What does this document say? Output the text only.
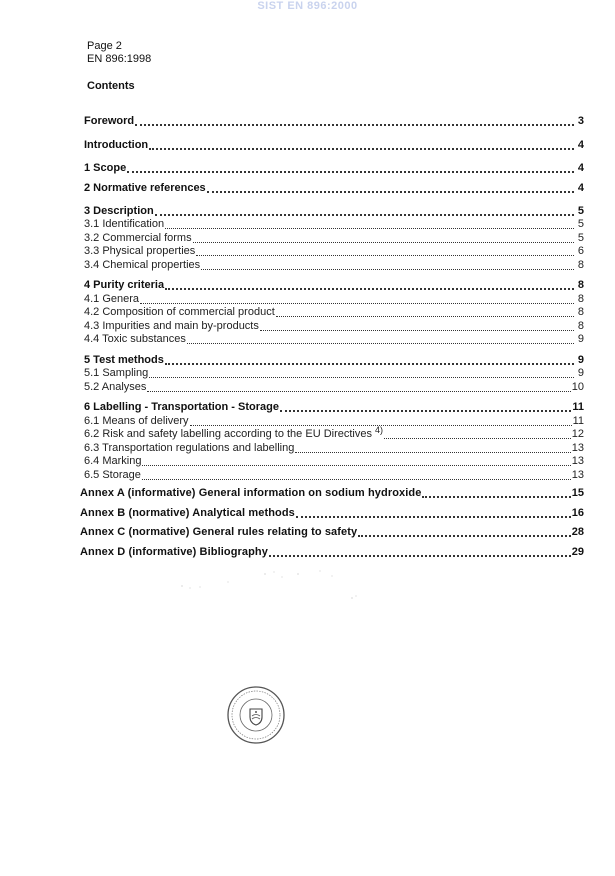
SIST EN 896:2000
Page 2
EN 896:1998
Contents
Foreword	3
Introduction	4
1 Scope	4
2 Normative references	4
3 Description	5
3.1 Identification	5
3.2 Commercial forms	5
3.3 Physical properties	6
3.4 Chemical properties	8
4 Purity criteria	8
4.1 Genera	8
4.2 Composition of commercial product	8
4.3 Impurities and main by-products	8
4.4 Toxic substances	9
5 Test methods	9
5.1 Sampling	9
5.2 Analyses	10
6 Labelling - Transportation - Storage	11
6.1 Means of delivery	11
6.2 Risk and safety labelling according to the EU Directives 4)	12
6.3 Transportation regulations and labelling	13
6.4 Marking	13
6.5 Storage	13
Annex A (informative) General information on sodium hydroxide	15
Annex B (normative) Analytical methods	16
Annex C (normative) General rules relating to safety	28
Annex D (informative) Bibliography	29
